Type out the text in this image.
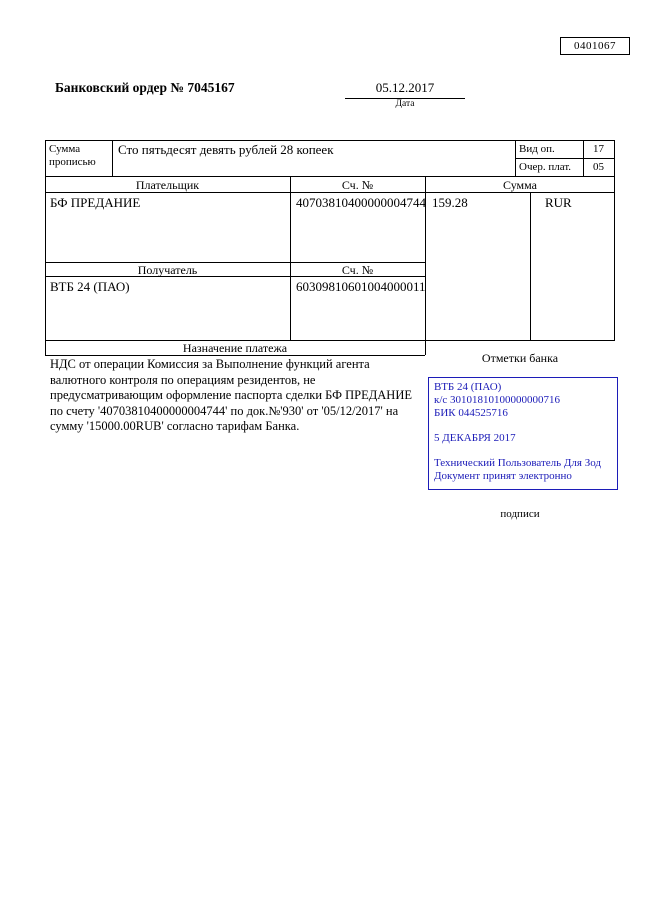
0401067
Банковский ордер № 7045167	05.12.2017
Дата
Сумма прописью
Сто пятьдесят девять рублей 28 копеек	Вид оп.	17
Очер. плат.	05
Плательщик	Сч. №	Сумма
БФ ПРЕДАНИЕ	40703810400000004744 159.28	RUR
Получатель	Сч. №
ВТБ 24 (ПАО)	60309810601004000011
Назначение платежа
Отметки банка
НДС от операции Комиссия за Выполнение функций агента валютного контроля по операциям резидентов, не предусматривающим оформление паспорта сделки БФ ПРЕДАНИЕ по счету '40703810400000004744' по док.№'930' от '05/12/2017' на сумму '15000.00RUB' согласно тарифам Банка.
ВТБ 24 (ПАО)
к/с 30101810100000000716
БИК 044525716
5 ДЕКАБРЯ 2017
Технический Пользователь Для Зод
Документ принят электронно
подписи
